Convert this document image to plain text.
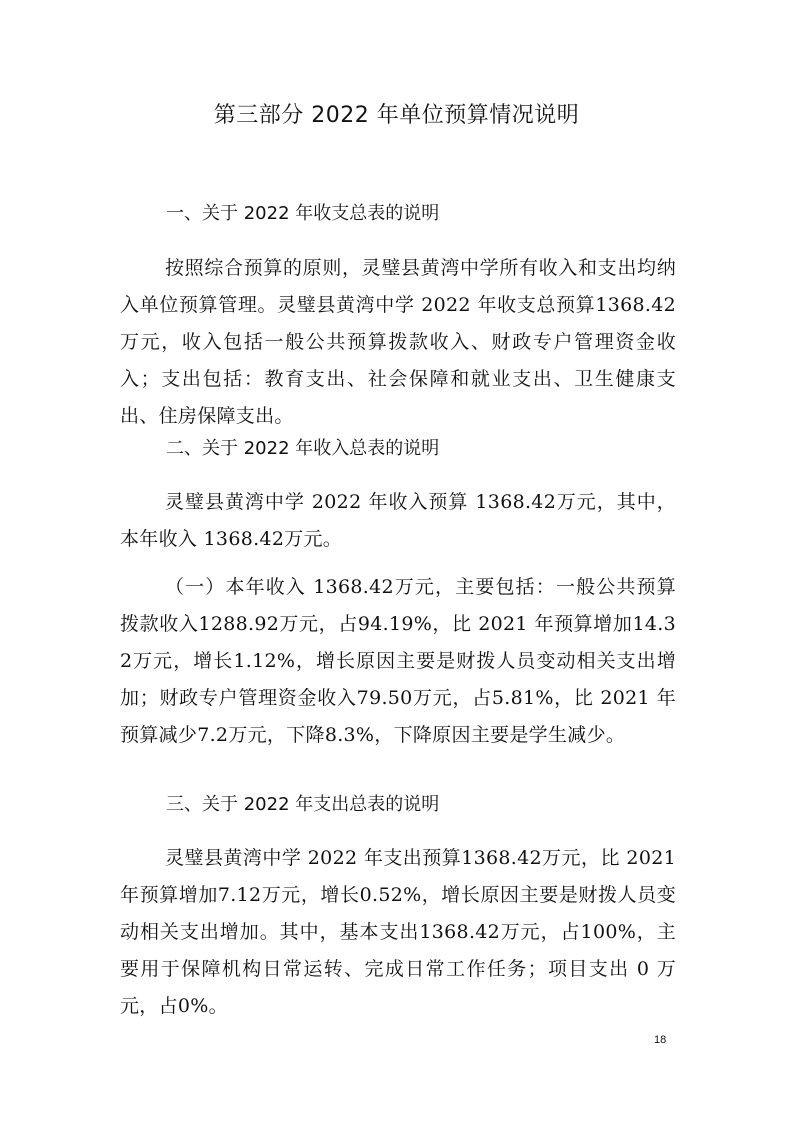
第三部分 2022 年单位预算情况说明
一、关于 2022 年收支总表的说明

按照综合预算的原则，灵璧县黄湾中学所有收入和支出均纳入单位预算管理。灵璧县黄湾中学 2022 年收支总预算1368.42万元，收入包括一般公共预算拨款收入、财政专户管理资金收入；支出包括：教育支出、社会保障和就业支出、卫生健康支出、住房保障支出。

二、关于 2022 年收入总表的说明

灵璧县黄湾中学 2022 年收入预算 1368.42万元，其中，本年收入 1368.42万元。

（一）本年收入 1368.42万元，主要包括：一般公共预算拨款收入1288.92万元，占94.19%，比 2021 年预算增加14.32万元，增长1.12%，增长原因主要是财拨人员变动相关支出增加；财政专户管理资金收入79.50万元，占5.81%，比 2021 年预算减少7.2万元，下降8.3%，下降原因主要是学生减少。

三、关于 2022 年支出总表的说明

灵璧县黄湾中学 2022 年支出预算1368.42万元，比 2021 年预算增加7.12万元，增长0.52%，增长原因主要是财拨人员变动相关支出增加。其中，基本支出1368.42万元，占100%，主要用于保障机构日常运转、完成日常工作任务；项目支出 0 万元，占0%。

18
